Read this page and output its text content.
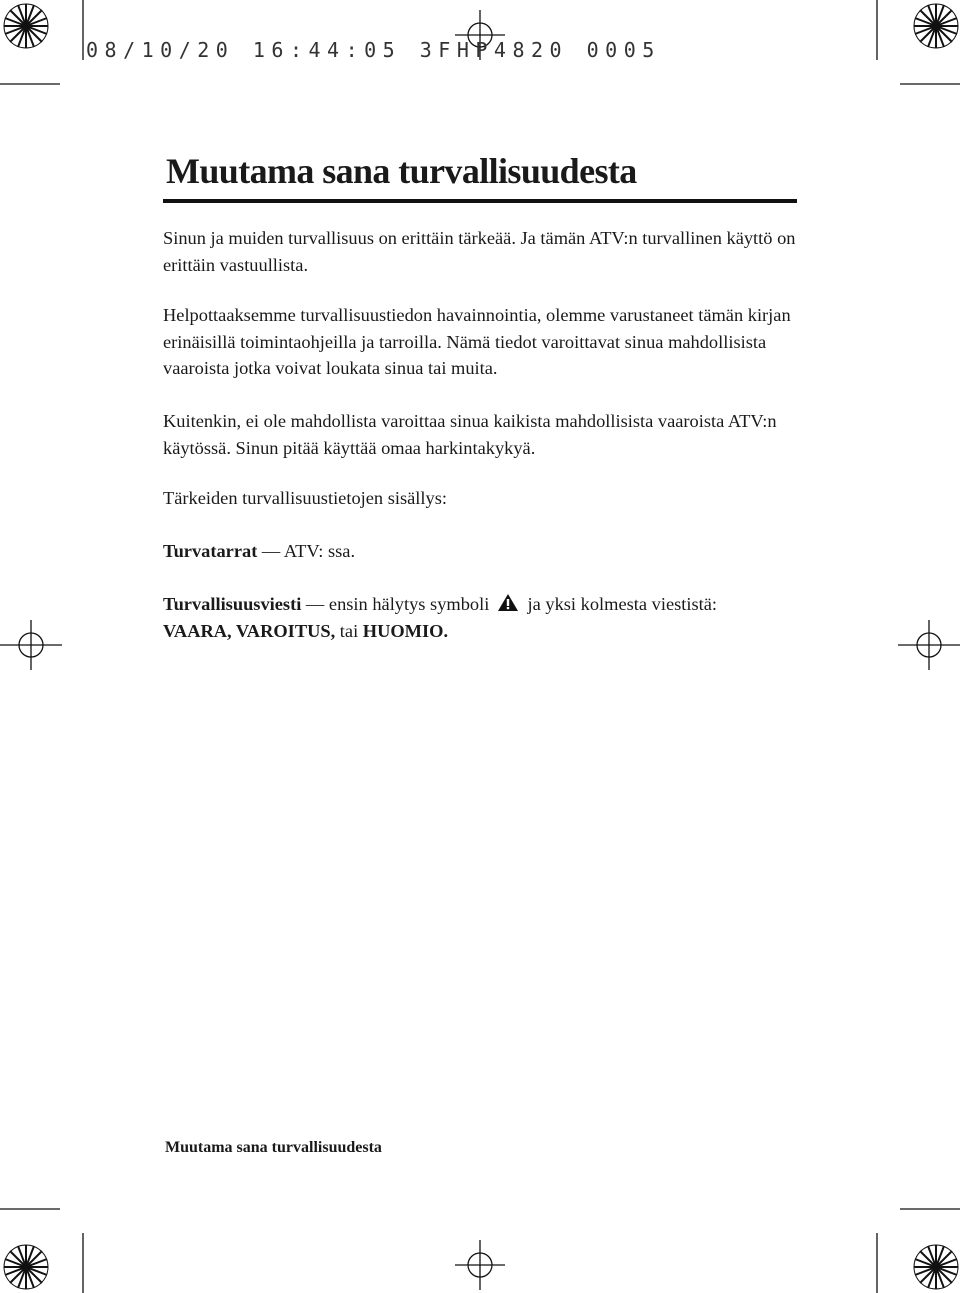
08/10/20 16:44:05 3FHP4820 0005
Muutama sana turvallisuudesta

Sinun ja muiden turvallisuus on erittäin tärkeää. Ja tämän ATV:n turvallinen käyttö on erittäin vastuullista.

Helpottaaksemme turvallisuustiedon havainnointia, olemme varustaneet tämän kirjan erinäisillä toimintaohjeilla ja tarroilla. Nämä tiedot varoittavat sinua mahdollisista vaaroista jotka voivat loukata sinua tai muita.

Kuitenkin, ei ole mahdollista varoittaa sinua kaikista mahdollisista vaaroista ATV:n käytössä. Sinun pitää käyttää omaa harkintakykyä.

Tärkeiden turvallisuustietojen sisällys:

Turvatarrat — ATV: ssa.

Turvallisuusviesti — ensin hälytys symboli  ja yksi kolmesta viestistä:
VAARA, VAROITUS, tai HUOMIO.

Muutama sana turvallisuudesta
